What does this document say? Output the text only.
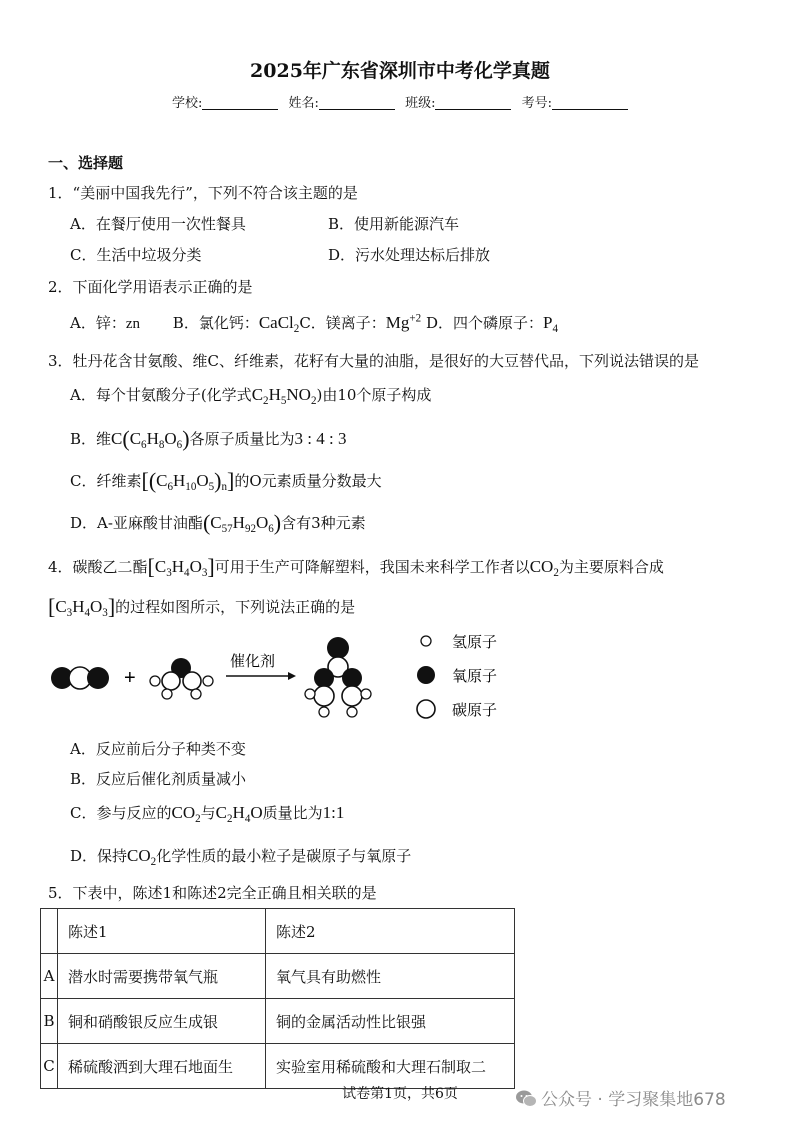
2025年广东省深圳市中考化学真题
学校:	姓名:	班级:	考号:
一、选择题
1．“美丽中国我先行”，下列不符合该主题的是
A．在餐厅使用一次性餐具	B．使用新能源汽车
C．生活中垃圾分类	D．污水处理达标后排放
2．下面化学用语表示正确的是
A．锌：zn B．氯化钙：CaCl$_2$C．镁离子：$Mg^{+2}$ D．四个磷原子：$P_4$
3．牡丹花含甘氨酸、维C、纤维素，花籽有大量的油脂，是很好的大豆替代品，下列说法错误的是
A．每个甘氨酸分子(化学式$C_2H_5NO_2$)由10个原子构成
B．维$C(C_6H_8O_6)$各原子质量比为3 : 4 : 3
C．纤维素$[(C_6H_{10}O_5)_n]$的O元素质量分数最大
D．A-亚麻酸甘油酯$(C_{57}H_{92}O_6)$含有3种元素
4．碳酸乙二酯$[C_3H_4O_3]$可用于生产可降解塑料，我国未来科学工作者以$CO_2$为主要原料合成
$[C_3H_4O_3]$的过程如图所示，下列说法正确的是
+
催化剂
氢原子
氧原子
碳原子
A．反应前后分子种类不变
B．反应后催化剂质量减小
C．参与反应的$CO_2$与$C_2H_4O$质量比为1:1
D．保持$CO_2$化学性质的最小粒子是碳原子与氧原子
5．下表中，陈述1和陈述2完全正确且相关联的是
	陈述1	陈述2
A	潜水时需要携带氧气瓶	氧气具有助燃性
B	铜和硝酸银反应生成银	铜的金属活动性比银强
C	稀硫酸洒到大理石地面生	实验室用稀硫酸和大理石制取二
试卷第1页，共6页	公众号 · 学习聚集地678
